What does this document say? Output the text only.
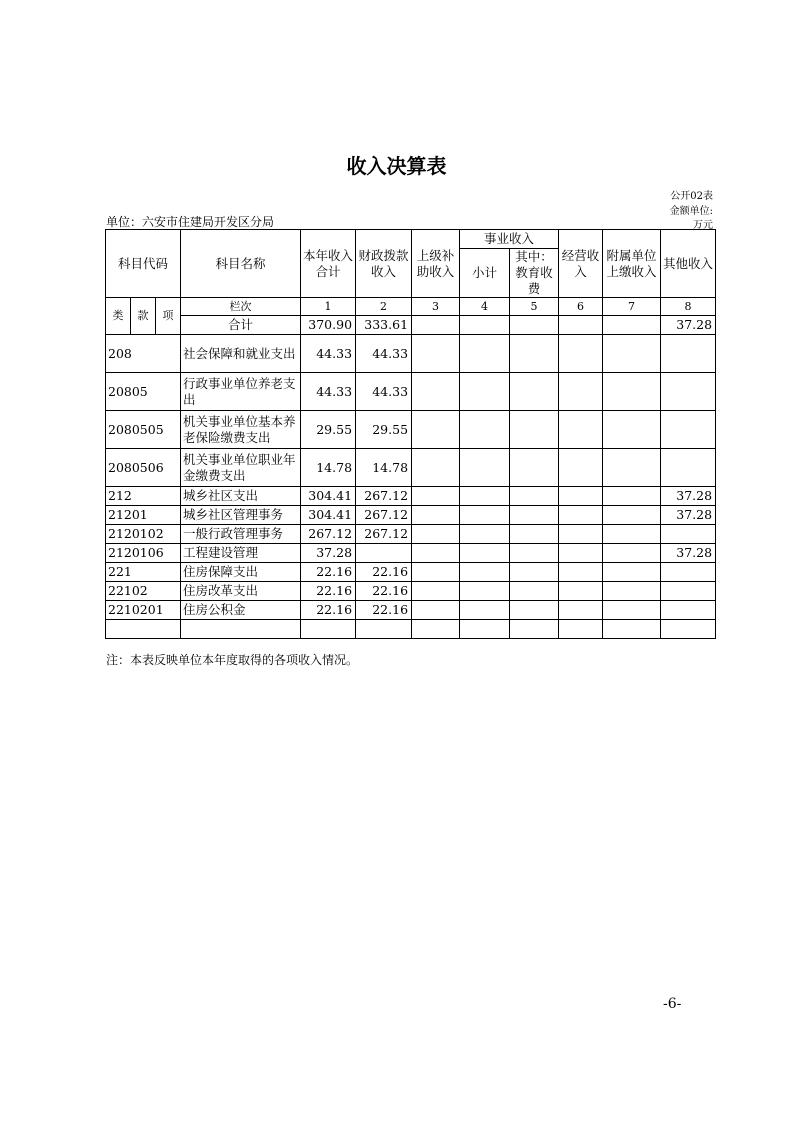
收入决算表
公开02表
金额单位:
万元
单位：六安市住建局开发区分局
科目代码			科目名称	本年收入合计	财政拨款收入	上级补助收入	事业收入		经营收入	附属单位上缴收入	其他收入
							小计	其中：教育收费			
类	款	项	栏次	1	2	3	4	5	6	7	8
			合计	370.90	333.61						37.28
208			社会保障和就业支出	44.33	44.33						
20805			行政事业单位养老支出	44.33	44.33						
2080505			机关事业单位基本养老保险缴费支出	29.55	29.55						
2080506			机关事业单位职业年金缴费支出	14.78	14.78						
212			城乡社区支出	304.41	267.12						37.28
21201			城乡社区管理事务	304.41	267.12						37.28
2120102			一般行政管理事务	267.12	267.12						
2120106			工程建设管理	37.28							37.28
221			住房保障支出	22.16	22.16						
22102			住房改革支出	22.16	22.16						
2210201			住房公积金	22.16	22.16						

注：本表反映单位本年度取得的各项收入情况。
-6-
